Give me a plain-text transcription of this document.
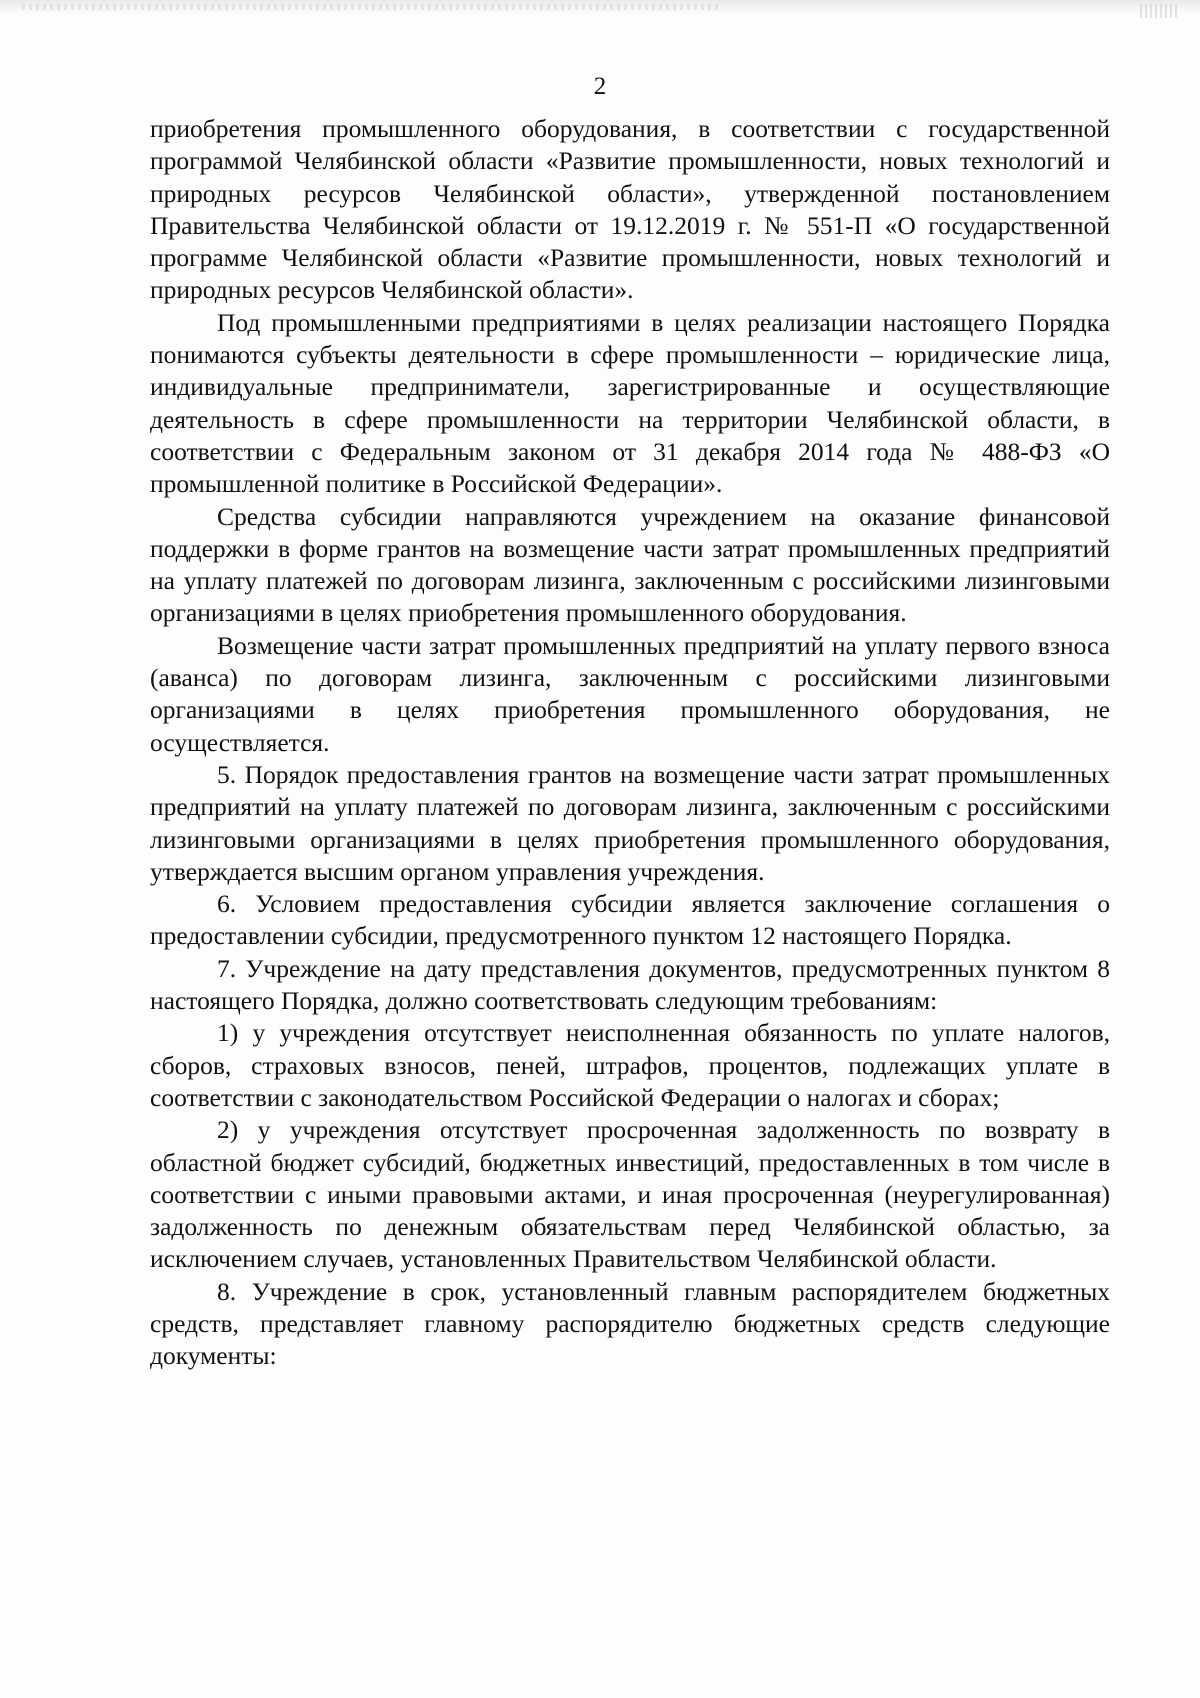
2

приобретения промышленного оборудования, в соответствии с государственной программой Челябинской области «Развитие промышленности, новых технологий и природных ресурсов Челябинской области», утвержденной постановлением Правительства Челябинской области от 19.12.2019 г. № 551-П «О государственной программе Челябинской области «Развитие промышленности, новых технологий и природных ресурсов Челябинской области».

Под промышленными предприятиями в целях реализации настоящего Порядка понимаются субъекты деятельности в сфере промышленности – юридические лица, индивидуальные предприниматели, зарегистрированные и осуществляющие деятельность в сфере промышленности на территории Челябинской области, в соответствии с Федеральным законом от 31 декабря 2014 года № 488-ФЗ «О промышленной политике в Российской Федерации».

Средства субсидии направляются учреждением на оказание финансовой поддержки в форме грантов на возмещение части затрат промышленных предприятий на уплату платежей по договорам лизинга, заключенным с российскими лизинговыми организациями в целях приобретения промышленного оборудования.

Возмещение части затрат промышленных предприятий на уплату первого взноса (аванса) по договорам лизинга, заключенным с российскими лизинговыми организациями в целях приобретения промышленного оборудования, не осуществляется.

5. Порядок предоставления грантов на возмещение части затрат промышленных предприятий на уплату платежей по договорам лизинга, заключенным с российскими лизинговыми организациями в целях приобретения промышленного оборудования, утверждается высшим органом управления учреждения.

6. Условием предоставления субсидии является заключение соглашения о предоставлении субсидии, предусмотренного пунктом 12 настоящего Порядка.

7. Учреждение на дату представления документов, предусмотренных пунктом 8 настоящего Порядка, должно соответствовать следующим требованиям:

1) у учреждения отсутствует неисполненная обязанность по уплате налогов, сборов, страховых взносов, пеней, штрафов, процентов, подлежащих уплате в соответствии с законодательством Российской Федерации о налогах и сборах;

2) у учреждения отсутствует просроченная задолженность по возврату в областной бюджет субсидий, бюджетных инвестиций, предоставленных в том числе в соответствии с иными правовыми актами, и иная просроченная (неурегулированная) задолженность по денежным обязательствам перед Челябинской областью, за исключением случаев, установленных Правительством Челябинской области.

8. Учреждение в срок, установленный главным распорядителем бюджетных средств, представляет главному распорядителю бюджетных средств следующие документы:
